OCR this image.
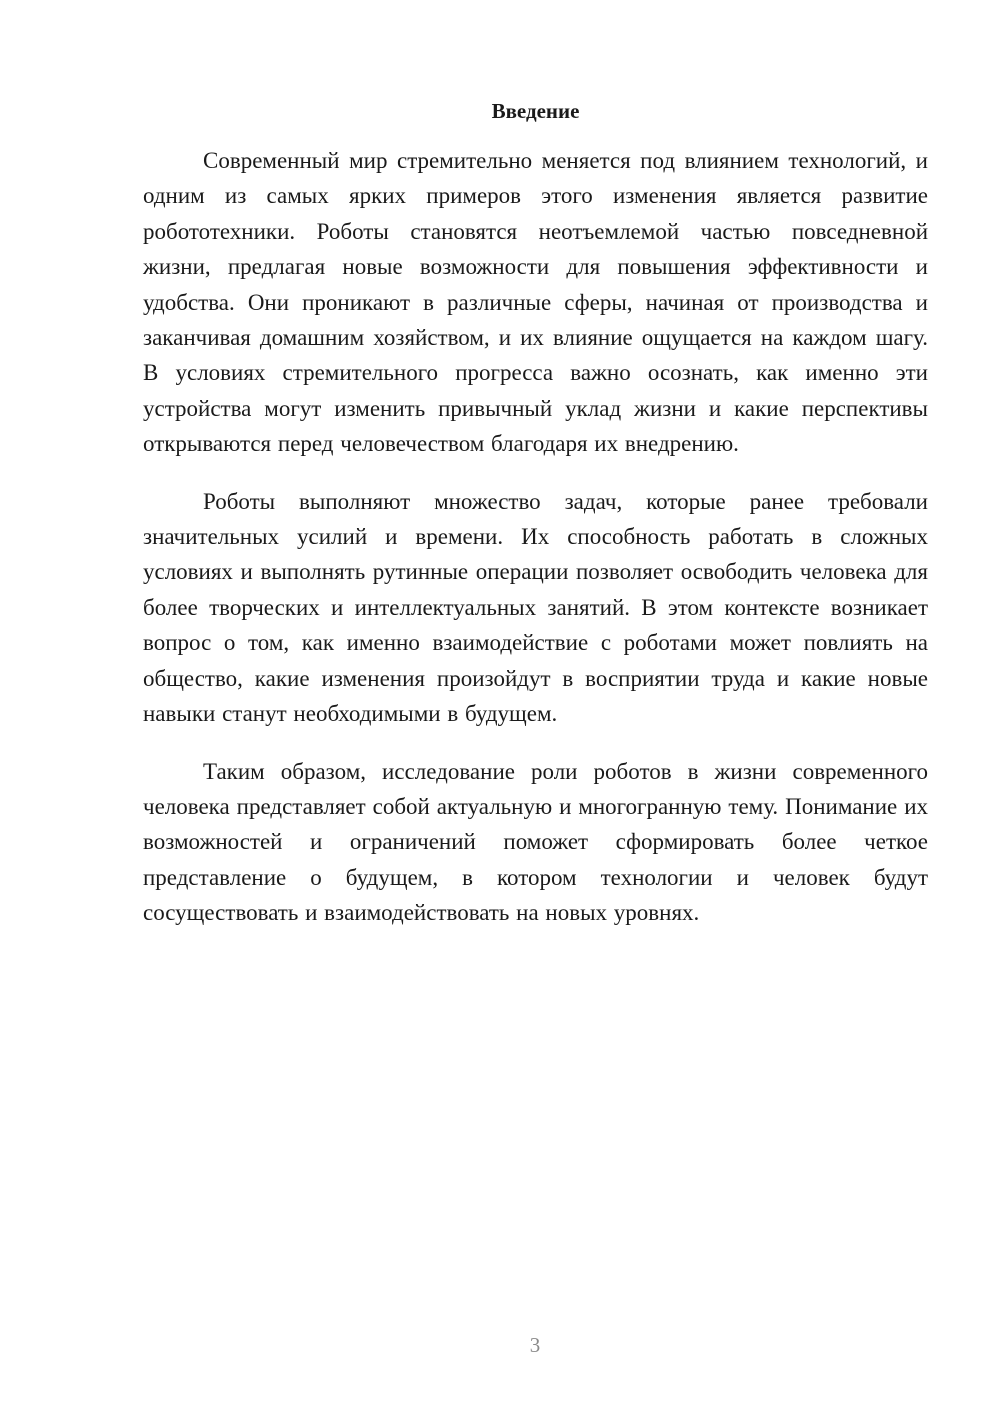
Введение

Современный мир стремительно меняется под влиянием технологий, и одним из самых ярких примеров этого изменения является развитие робототехники. Роботы становятся неотъемлемой частью повседневной жизни, предлагая новые возможности для повышения эффективности и удобства. Они проникают в различные сферы, начиная от производства и заканчивая домашним хозяйством, и их влияние ощущается на каждом шагу. В условиях стремительного прогресса важно осознать, как именно эти устройства могут изменить привычный уклад жизни и какие перспективы открываются перед человечеством благодаря их внедрению.

Роботы выполняют множество задач, которые ранее требовали значительных усилий и времени. Их способность работать в сложных условиях и выполнять рутинные операции позволяет освободить человека для более творческих и интеллектуальных занятий. В этом контексте возникает вопрос о том, как именно взаимодействие с роботами может повлиять на общество, какие изменения произойдут в восприятии труда и какие новые навыки станут необходимыми в будущем.

Таким образом, исследование роли роботов в жизни современного человека представляет собой актуальную и многогранную тему. Понимание их возможностей и ограничений поможет сформировать более четкое представление о будущем, в котором технологии и человек будут сосуществовать и взаимодействовать на новых уровнях.

3
